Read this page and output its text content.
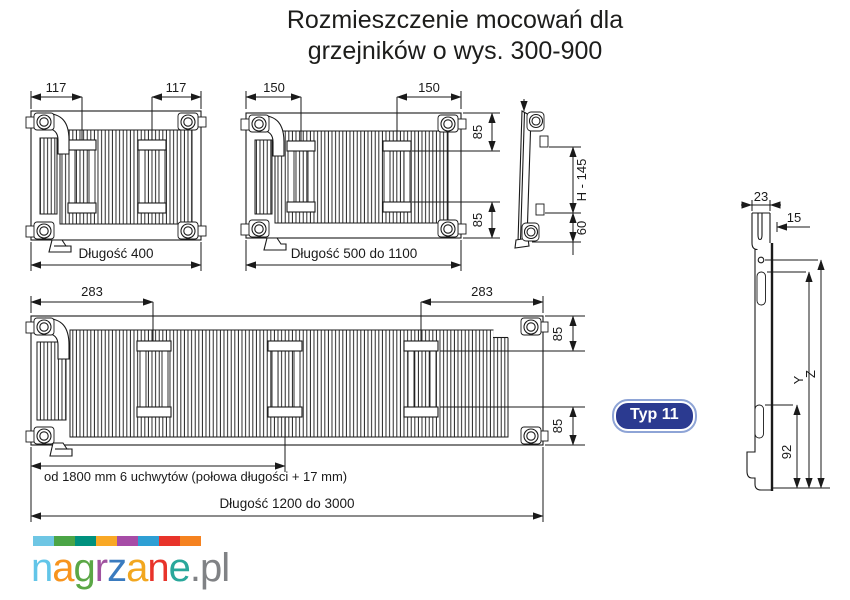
Rozmieszczenie mocowań dla
grzejników o wys. 300-900
117	117
Długość 400
150	150
Długość 500 do 1100
85
85
H - 145
60
23
15
92
Y
Z
283	283
85
85
od 1800 mm 6 uchwytów (połowa długości + 17 mm)
Długość 1200 do 3000
Typ 11
nagrzane.pl
